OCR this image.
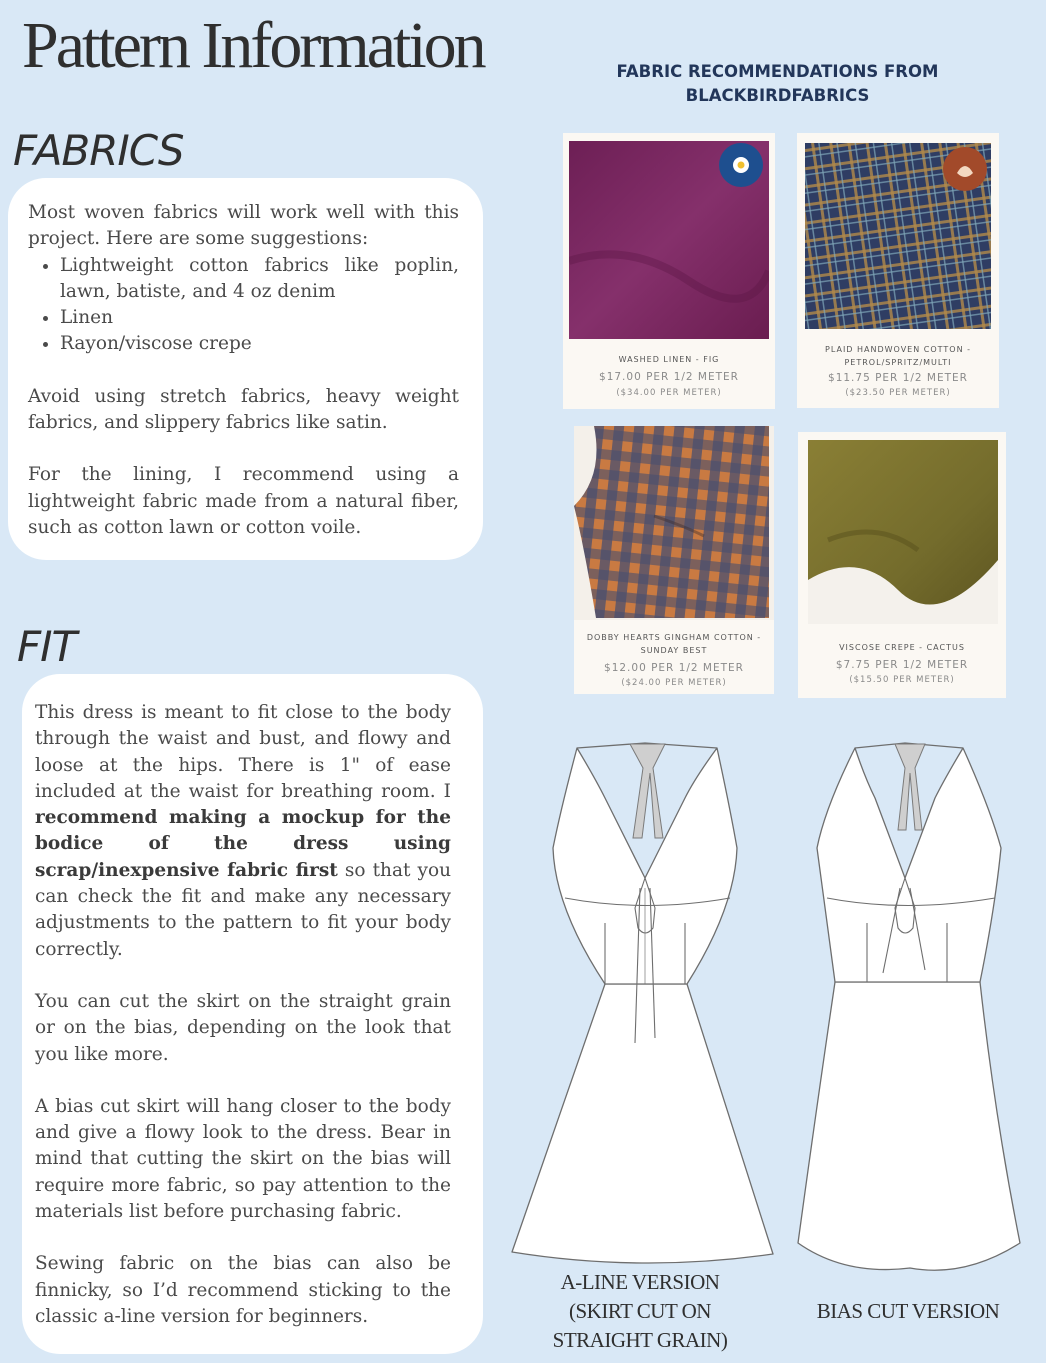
Pattern Information
FABRICS

Most woven fabrics will work well with this project. Here are some suggestions:

• Lightweight cotton fabrics like poplin, lawn, batiste, and 4 oz denim
• Linen
• Rayon/viscose crepe

Avoid using stretch fabrics, heavy weight fabrics, and slippery fabrics like satin.

For the lining, I recommend using a lightweight fabric made from a natural fiber, such as cotton lawn or cotton voile.

FIT

This dress is meant to fit close to the body through the waist and bust, and flowy and loose at the hips. There is 1" of ease included at the waist for breathing room. I recommend making a mockup for the bodice of the dress using scrap/inexpensive fabric first so that you can check the fit and make any necessary adjustments to the pattern to fit your body correctly.

You can cut the skirt on the straight grain or on the bias, depending on the look that you like more.

A bias cut skirt will hang closer to the body and give a flowy look to the dress. Bear in mind that cutting the skirt on the bias will require more fabric, so pay attention to the materials list before purchasing fabric.

Sewing fabric on the bias can also be finnicky, so I’d recommend sticking to the classic a-line version for beginners.

FABRIC RECOMMENDATIONS FROM BLACKBIRDFABRICS
WASHED LINEN - FIG
$17.00 PER 1/2 METER
($34.00 PER METER)
PLAID HANDWOVEN COTTON - PETROL/SPRITZ/MULTI
$11.75 PER 1/2 METER
($23.50 PER METER)
DOBBY HEARTS GINGHAM COTTON - SUNDAY BEST
$12.00 PER 1/2 METER
($24.00 PER METER)
VISCOSE CREPE - CACTUS
$7.75 PER 1/2 METER
($15.50 PER METER)
A-LINE VERSION
(SKIRT CUT ON
STRAIGHT GRAIN)
BIAS CUT VERSION
